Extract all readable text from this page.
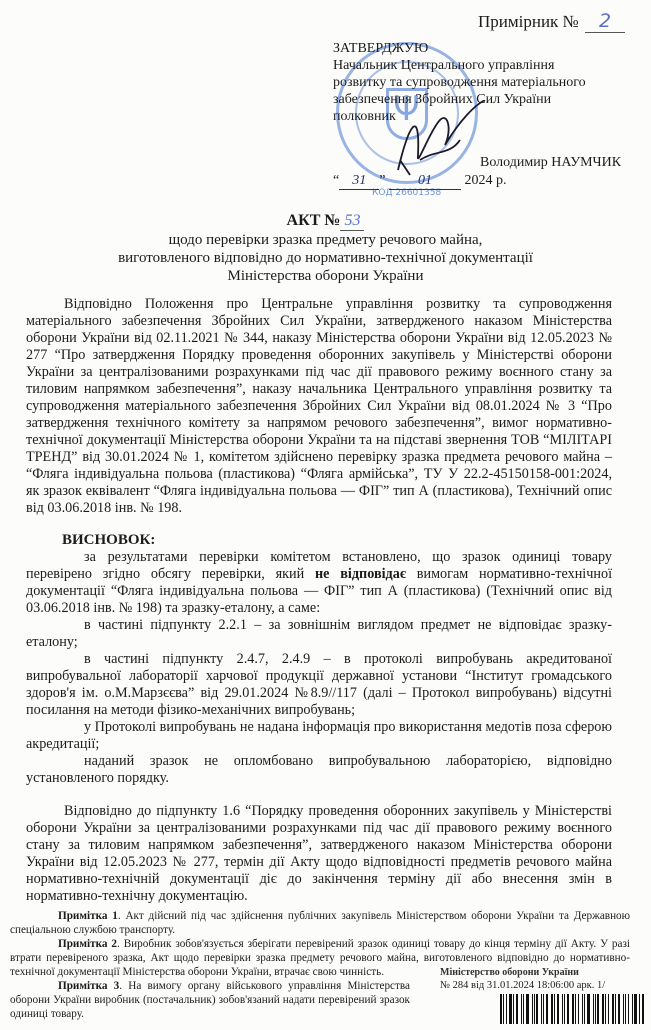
Примірник № 2
Ψ
КОД 26601358
ЗАТВЕРДЖУЮ
Начальник Центрального управління
розвитку та супроводження матеріального
забезпечення Збройних Сил України
полковник
Володимир НАУМЧИК
“ 31 ” 01 2024 р.
АКТ № 53
щодо перевірки зразка предмету речового майна,
виготовленого відповідно до нормативно-технічної документації
Міністерства оборони України

Відповідно Положення про Центральне управління розвитку та супроводження матеріального забезпечення Збройних Сил України, затвердженого наказом Міністерства оборони України від 02.11.2021 № 344, наказу Міністерства оборони України від 12.05.2023 № 277 “Про затвердження Порядку проведення оборонних закупівель у Міністерстві оборони України за централізованими розрахунками під час дії правового режиму воєнного стану за тиловим напрямком забезпечення”, наказу начальника Центрального управління розвитку та супроводження матеріального забезпечення Збройних Сил України від 08.01.2024 № 3 “Про затвердження технічного комітету за напрямом речового забезпечення”, вимог нормативно-технічної документації Міністерства оборони України та на підставі звернення ТОВ “МІЛІТАРІ ТРЕНД” від 30.01.2024 № 1, комітетом здійснено перевірку зразка предмета речового майна – “Фляга індивідуальна польова (пластикова) “Фляга армійська”, ТУ У 22.2-45150158-001:2024, як зразок еквівалент “Фляга індивідуальна польова — ФІГ” тип А (пластикова), Технічний опис від 03.06.2018 інв. № 198.

ВИСНОВОК:

за результатами перевірки комітетом встановлено, що зразок одиниці товару перевірено згідно обсягу перевірки, який не відповідає вимогам нормативно-технічної документації “Фляга індивідуальна польова — ФІГ” тип А (пластикова) (Технічний опис від 03.06.2018 інв. № 198) та зразку-еталону, а саме:

в частині підпункту 2.2.1 – за зовнішнім виглядом предмет не відповідає зразку-еталону;

в частині підпункту 2.4.7, 2.4.9 – в протоколі випробувань акредитованої випробувальної лабораторії харчової продукції державної установи “Інститут громадського здоров'я ім. о.М.Марзєєва” від 29.01.2024 №8.9//117 (далі – Протокол випробувань) відсутні посилання на методи фізико-механічних випробувань;

у Протоколі випробувань не надана інформація про використання медотів поза сферою акредитації;

наданий зразок не опломбовано випробувальною лабораторією, відповідно установленого порядку.

Відповідно до підпункту 1.6 “Порядку проведення оборонних закупівель у Міністерстві оборони України за централізованими розрахунками під час дії правового режиму воєнного стану за тиловим напрямком забезпечення”, затвердженого наказом Міністерства оборони України від 12.05.2023 № 277, термін дії Акту щодо відповідності предметів речового майна нормативно-технічній документації діє до закінчення терміну дії або внесення змін в нормативно-технічну документацію.

Примітка 1. Акт дійсний під час здійснення публічних закупівель Міністерством оборони України та Державною спеціальною службою транспорту.

Примітка 2. Виробник зобов'язується зберігати перевірений зразок одиниці товару до кінця терміну дії Акту. У разі втрати перевіреного зразка, Акт щодо перевірки зразка предмету речового майна, виготовленого відповідно до нормативно-технічної документації Міністерства оборони України, втрачає свою чинність.

Примітка 3. На вимогу органу військового управління Міністерства оборони України виробник (постачальник) зобов'язаний надати перевірений зразок одиниці товару.

Міністерство оборони України
№ 284 від 31.01.2024 18:06:00 арк. 1/
